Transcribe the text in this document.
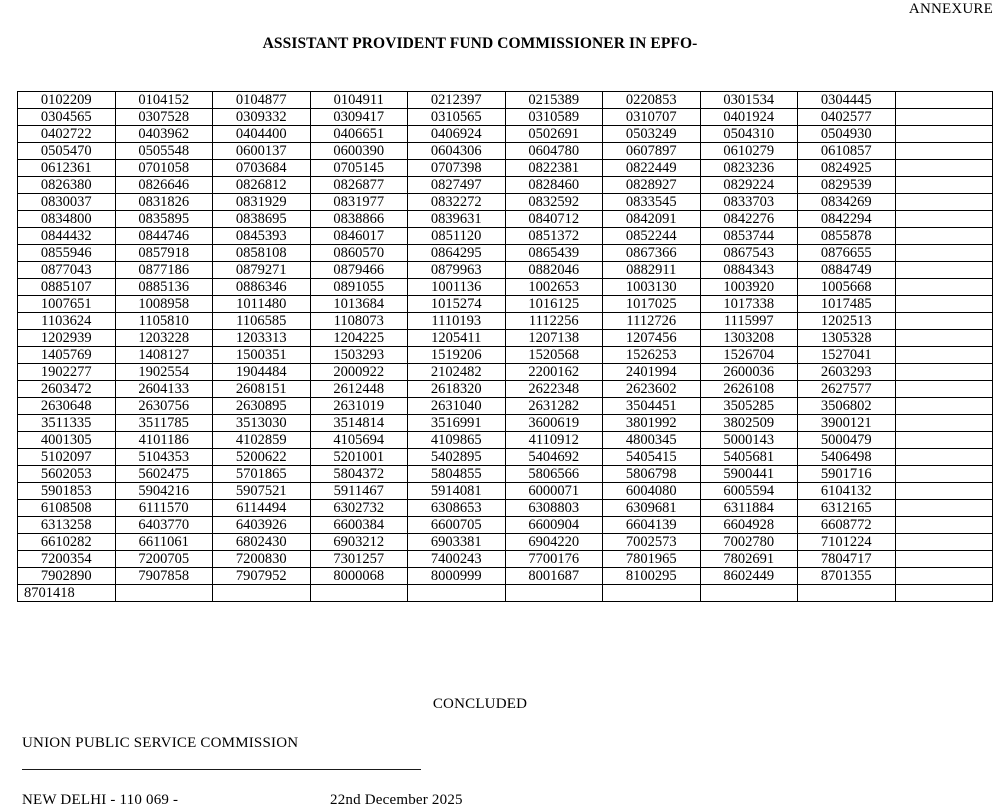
ANNEXURE
ASSISTANT PROVIDENT FUND COMMISSIONER IN EPFO-
0102209	0104152	0104877	0104911	0212397	0215389	0220853	0301534	0304445	
0304565	0307528	0309332	0309417	0310565	0310589	0310707	0401924	0402577	
0402722	0403962	0404400	0406651	0406924	0502691	0503249	0504310	0504930	
0505470	0505548	0600137	0600390	0604306	0604780	0607897	0610279	0610857	
0612361	0701058	0703684	0705145	0707398	0822381	0822449	0823236	0824925	
0826380	0826646	0826812	0826877	0827497	0828460	0828927	0829224	0829539	
0830037	0831826	0831929	0831977	0832272	0832592	0833545	0833703	0834269	
0834800	0835895	0838695	0838866	0839631	0840712	0842091	0842276	0842294	
0844432	0844746	0845393	0846017	0851120	0851372	0852244	0853744	0855878	
0855946	0857918	0858108	0860570	0864295	0865439	0867366	0867543	0876655	
0877043	0877186	0879271	0879466	0879963	0882046	0882911	0884343	0884749	
0885107	0885136	0886346	0891055	1001136	1002653	1003130	1003920	1005668	
1007651	1008958	1011480	1013684	1015274	1016125	1017025	1017338	1017485	
1103624	1105810	1106585	1108073	1110193	1112256	1112726	1115997	1202513	
1202939	1203228	1203313	1204225	1205411	1207138	1207456	1303208	1305328	
1405769	1408127	1500351	1503293	1519206	1520568	1526253	1526704	1527041	
1902277	1902554	1904484	2000922	2102482	2200162	2401994	2600036	2603293	
2603472	2604133	2608151	2612448	2618320	2622348	2623602	2626108	2627577	
2630648	2630756	2630895	2631019	2631040	2631282	3504451	3505285	3506802	
3511335	3511785	3513030	3514814	3516991	3600619	3801992	3802509	3900121	
4001305	4101186	4102859	4105694	4109865	4110912	4800345	5000143	5000479	
5102097	5104353	5200622	5201001	5402895	5404692	5405415	5405681	5406498	
5602053	5602475	5701865	5804372	5804855	5806566	5806798	5900441	5901716	
5901853	5904216	5907521	5911467	5914081	6000071	6004080	6005594	6104132	
6108508	6111570	6114494	6302732	6308653	6308803	6309681	6311884	6312165	
6313258	6403770	6403926	6600384	6600705	6600904	6604139	6604928	6608772	
6610282	6611061	6802430	6903212	6903381	6904220	7002573	7002780	7101224	
7200354	7200705	7200830	7301257	7400243	7700176	7801965	7802691	7804717	
7902890	7907858	7907952	8000068	8000999	8001687	8100295	8602449	8701355	
8701418									
CONCLUDED
UNION PUBLIC SERVICE COMMISSION
NEW DELHI - 110 069 -	22nd December 2025
